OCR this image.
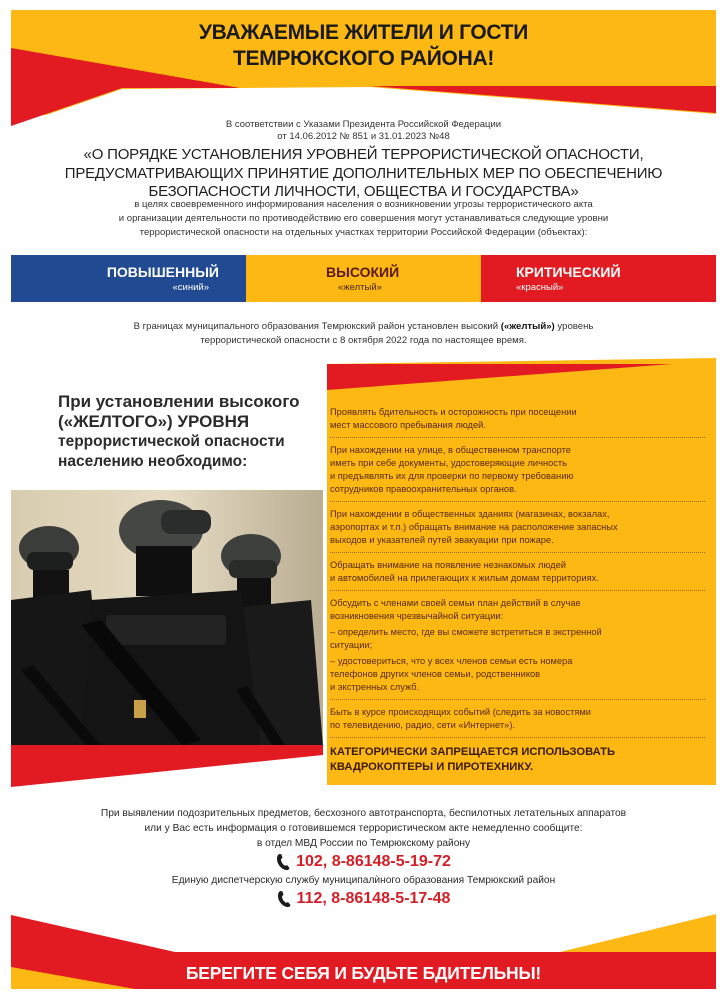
УВАЖАЕМЫЕ ЖИТЕЛИ И ГОСТИ
ТЕМРЮКСКОГО РАЙОНА!
В соответствии с Указами Президента Российской Федерации
от 14.06.2012 № 851 и 31.01.2023 №48
«О ПОРЯДКЕ УСТАНОВЛЕНИЯ УРОВНЕЙ ТЕРРОРИСТИЧЕСКОЙ ОПАСНОСТИ,
ПРЕДУСМАТРИВАЮЩИХ ПРИНЯТИЕ ДОПОЛНИТЕЛЬНЫХ МЕР ПО ОБЕСПЕЧЕНИЮ
БЕЗОПАСНОСТИ ЛИЧНОСТИ, ОБЩЕСТВА И ГОСУДАРСТВА»
в целях своевременного информирования населения о возникновении угрозы террористического акта
и организации деятельности по противодействию его совершения могут устанавливаться следующие уровни
террористической опасности на отдельных участках территории Российской Федерации (объектах):
ПОВЫШЕННЫЙ
«синий»
ВЫСОКИЙ
«желтый»
КРИТИЧЕСКИЙ
«красный»
В границах муниципального образования Темрюкский район установлен высокий («желтый») уровень
террористической опасности с 8 октября 2022 года по настоящее время.
При установлении высокого
(«ЖЕЛТОГО») УРОВНЯ
террористической опасности
населению необходимо:
Проявлять бдительность и осторожность при посещении
мест массового пребывания людей.
При нахождении на улице, в общественном транспорте
иметь при себе документы, удостоверяющие личность
и предъявлять их для проверки по первому требованию
сотрудников правоохранительных органов.
При нахождении в общественных зданиях (магазинах, вокзалах,
аэропортах и т.п.) обращать внимание на расположение запасных
выходов и указателей путей эвакуации при пожаре.
Обращать внимание на появление незнакомых людей
и автомобилей на прилегающих к жилым домам территориях.
Обсудить с членами своей семьи план действий в случае
возникновения чрезвычайной ситуации:
– определить место, где вы сможете встретиться в экстренной
ситуации;
– удостовериться, что у всех членов семьи есть номера
телефонов других членов семьи, родственников
и экстренных служб.
Быть в курсе происходящих событий (следить за новостями
по телевидению, радио, сети «Интернет»).
КАТЕГОРИЧЕСКИ ЗАПРЕЩАЕТСЯ ИСПОЛЬЗОВАТЬ
КВАДРОКОПТЕРЫ И ПИРОТЕХНИКУ.
При выявлении подозрительных предметов, бесхозного автотранспорта, беспилотных летательных аппаратов
или у Вас есть информация о готовившемся террористическом акте немедленно сообщите:
в отдел МВД России по Темрюкскому району
102, 8-86148-5-19-72
Единую диспетчерскую службу муниципалѝного образования Темрюкский район
112, 8-86148-5-17-48
БЕРЕГИТЕ СЕБЯ И БУДЬТЕ БДИТЕЛЬНЫ!
